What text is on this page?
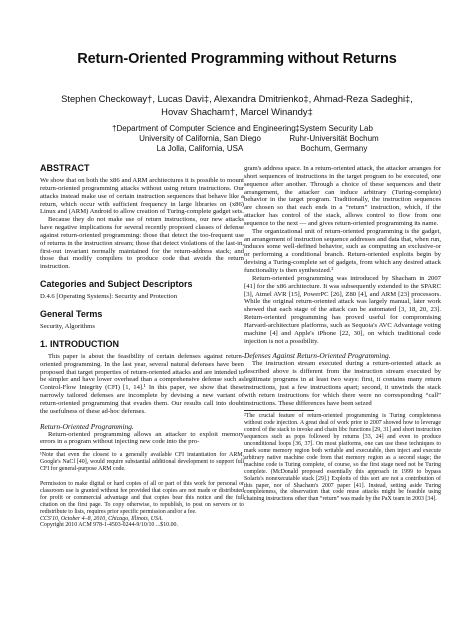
Return-Oriented Programming without Returns
Stephen Checkoway†, Lucas Davi‡, Alexandra Dmitrienko‡, Ahmad-Reza Sadeghi‡,
Hovav Shacham†, Marcel Winandy‡
†Department of Computer Science and Engineering
University of California, San Diego
La Jolla, California, USA
‡System Security Lab
Ruhr-Universität Bochum
Bochum, Germany
ABSTRACT

We show that on both the x86 and ARM architectures it is possible to mount return-oriented programming attacks without using return instructions. Our attacks instead make use of certain instruction sequences that behave like a return, which occur with sufficient frequency in large libraries on (x86) Linux and (ARM) Android to allow creation of Turing-complete gadget sets.

Because they do not make use of return instructions, our new attacks have negative implications for several recently proposed classes of defense against return-oriented programming: those that detect the too-frequent use of returns in the instruction stream; those that detect violations of the last-in, first-out invariant normally maintained for the return-address stack; and those that modify compilers to produce code that avoids the return instruction.

Categories and Subject Descriptors

D.4.6 [Operating Systems]: Security and Protection

General Terms

Security, Algorithms

1. INTRODUCTION

This paper is about the feasibility of certain defenses against return-oriented programming. In the last year, several natural defenses have been proposed that target properties of return-oriented attacks and are intended to be simpler and have lower overhead than a comprehensive defense such as Control-Flow Integrity (CFI) [1, 14].¹ In this paper, we show that these narrowly tailored defenses are incomplete by devising a new variant of return-oriented programming that evades them. Our results call into doubt the usefulness of these ad-hoc defenses.

Return-Oriented Programming.

Return-oriented programming allows an attacker to exploit memory errors in a program without injecting new code into the pro-

¹Note that even the closest to a generally available CFI instantiation for ARM, Google's NaCl [40], would require substantial additional development to support full CFI for general-purpose ARM code.

Permission to make digital or hard copies of all or part of this work for personal or classroom use is granted without fee provided that copies are not made or distributed for profit or commercial advantage and that copies bear this notice and the full citation on the first page. To copy otherwise, to republish, to post on servers or to redistribute to lists, requires prior specific permission and/or a fee.

CCS'10, October 4–8, 2010, Chicago, Illinois, USA.

Copyright 2010 ACM 978-1-4503-0244-9/10/10 ...$10.00.

gram's address space. In a return-oriented attack, the attacker arranges for short sequences of instructions in the target program to be executed, one sequence after another. Through a choice of these sequences and their arrangement, the attacker can induce arbitrary (Turing-complete) behavior in the target program. Traditionally, the instruction sequences are chosen so that each ends in a “return” instruction, which, if the attacker has control of the stack, allows control to flow from one sequence to the next — and gives return-oriented programming its name.

The organizational unit of return-oriented programming is the gadget, an arrangement of instruction sequence addresses and data that, when run, induces some well-defined behavior, such as computing an exclusive-or or performing a conditional branch. Return-oriented exploits begin by devising a Turing-complete set of gadgets, from which any desired attack functionality is then synthesized.²

Return-oriented programming was introduced by Shacham in 2007 [41] for the x86 architecture. It was subsequently extended to the SPARC [3], Atmel AVR [15], PowerPC [26], Z80 [4], and ARM [23] processors. While the original return-oriented attack was largely manual, later work showed that each stage of the attack can be automated [3, 18, 20, 23]. Return-oriented programming has proved useful for compromising Harvard-architecture platforms, such as Sequoia's AVC Advantage voting machine [4] and Apple's iPhone [22, 30], on which traditional code injection is not a possibility.

Defenses Against Return-Oriented Programming.

The instruction stream executed during a return-oriented attack as described above is different from the instruction stream executed by legitimate programs in at least two ways: first, it contains many return instructions, just a few instructions apart; second, it unwinds the stack with return instructions for which there were no corresponding “call” instructions. These differences have been seized

²The crucial feature of return-oriented programming is Turing completeness without code injection. A great deal of work prior to 2007 showed how to leverage control of the stack to invoke and chain libc functions [29, 31] and short instruction sequences such as pops followed by returns [33, 24] and even to produce unconditional loops [36, 37]. On most platforms, one can use these techniques to mark some memory region both writable and executable, then inject and execute arbitrary native machine code from that memory region as a second stage; the machine code is Turing complete, of course, so the first stage need not be Turing complete. (McDonald proposed essentially this approach in 1999 to bypass Solaris's nonexecutable stack [29].) Exploits of this sort are not a contribution of this paper, nor of Shacham's 2007 paper [41]. Instead, setting aside Turing completeness, the observation that code reuse attacks might be feasible using chaining instructions other than “return” was made by the PaX team in 2003 [34].
